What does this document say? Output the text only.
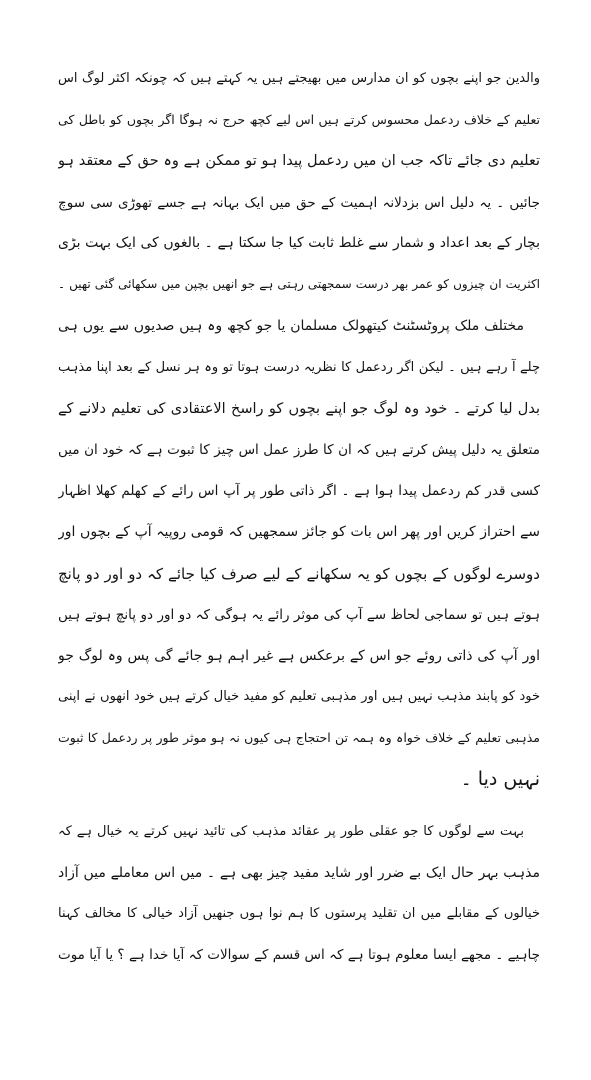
والدین جو اپنے بچوں کو ان مدارس میں بھیجتے ہیں یہ کہتے ہیں کہ چونکہ اکثر لوگ اس
تعلیم کے خلاف ردعمل محسوس کرتے ہیں اس لیے کچھ حرج نہ ہوگا اگر بچوں کو باطل کی
تعلیم دی جائے تاکہ جب ان میں ردعمل پیدا ہو تو ممکن ہے وہ حق کے معتقد ہو
جائیں ۔ یہ دلیل اس بزدلانہ اہمیت کے حق میں ایک بہانہ ہے جسے تھوڑی سی سوچ
بچار کے بعد اعداد و شمار سے غلط ثابت کیا جا سکتا ہے ۔ بالغوں کی ایک بہت بڑی
اکثریت ان چیزوں کو عمر بھر درست سمجھتی رہتی ہے جو انھیں بچپن میں سکھائی گئی تھیں ۔
مختلف ملک پروٹسٹنٹ کیتھولک مسلمان یا جو کچھ وہ ہیں صدیوں سے یوں ہی
چلے آ رہے ہیں ۔ لیکن اگر ردعمل کا نظریہ درست ہوتا تو وہ ہر نسل کے بعد اپنا مذہب
بدل لیا کرتے ۔ خود وہ لوگ جو اپنے بچوں کو راسخ الاعتقادی کی تعلیم دلانے کے
متعلق یہ دلیل پیش کرتے ہیں کہ ان کا طرز عمل اس چیز کا ثبوت ہے کہ خود ان میں
کسی قدر کم ردعمل پیدا ہوا ہے ۔ اگر ذاتی طور پر آپ اس رائے کے کھلم کھلا اظہار
سے احتراز کریں اور پھر اس بات کو جائز سمجھیں کہ قومی روپیہ آپ کے بچوں اور
دوسرے لوگوں کے بچوں کو یہ سکھانے کے لیے صرف کیا جائے کہ دو اور دو پانچ
ہوتے ہیں تو سماجی لحاظ سے آپ کی موثر رائے یہ ہوگی کہ دو اور دو پانچ ہوتے ہیں
اور آپ کی ذاتی روئے جو اس کے برعکس ہے غیر اہم ہو جائے گی پس وہ لوگ جو
خود کو پابند مذہب نہیں ہیں اور مذہبی تعلیم کو مفید خیال کرتے ہیں خود انھوں نے اپنی
مذہبی تعلیم کے خلاف خواہ وہ ہمہ تن احتجاج ہی کیوں نہ ہو موثر طور پر ردعمل کا ثبوت
نہیں دیا ۔
بہت سے لوگوں کا جو عقلی طور پر عقائد مذہب کی تائید نہیں کرتے یہ خیال ہے کہ
مذہب بہر حال ایک بے ضرر اور شاید مفید چیز بھی ہے ۔ میں اس معاملے میں آزاد
خیالوں کے مقابلے میں ان تقلید پرستوں کا ہم نوا ہوں جنھیں آزاد خیالی کا مخالف کہنا
چاہیے ۔ مجھے ایسا معلوم ہوتا ہے کہ اس قسم کے سوالات کہ آیا خدا ہے ؟ یا آیا موت
